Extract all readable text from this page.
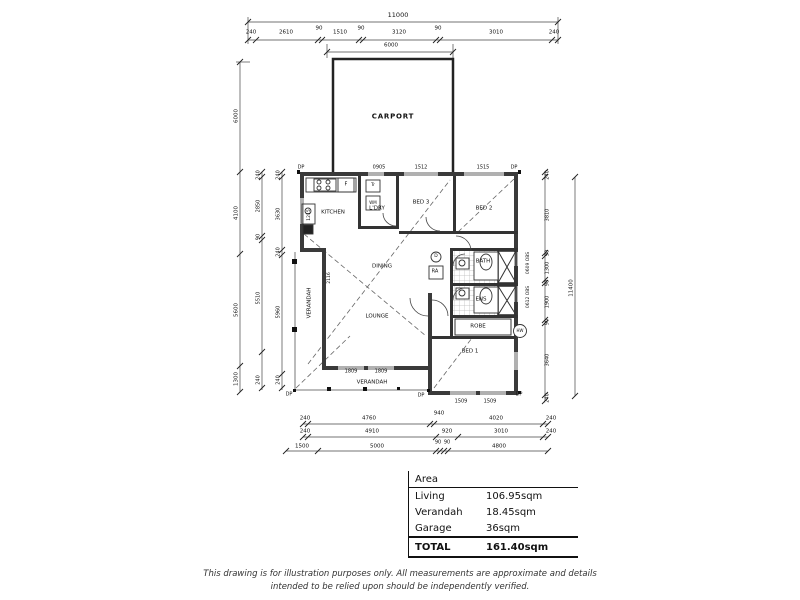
11000
240	2610
90
1510
90
3120
90
3010	240
6000
6000
4100
5600
1300
240
2850
90
5510
240
240
3630
240
5960
240
1215
2116
240
3810
90
1300
90
1900
90
3640
240
11400
240	4760
940
4020	240
240	4910	920	3010	240
1500	5000
90 90
4800
CARPORT
KITCHEN
L'DRY
BED 3
BED 2
DINING
LOUNGE
BATH
ENS
ROBE
BED 1
VERANDAH
VERANDAH
0905	1512	1515
1809	1809
1509	1509
0609 OBS
0612 OBS
DP	DP
DP	DP	DP
F	Tr
WM
RA
D
HW
Area
Living	106.95sqm
Verandah 18.45sqm
Garage	36sqm
TOTAL	161.40sqm
This drawing is for illustration purposes only. All measurements are approximate and details
intended to be relied upon should be independently verified.
